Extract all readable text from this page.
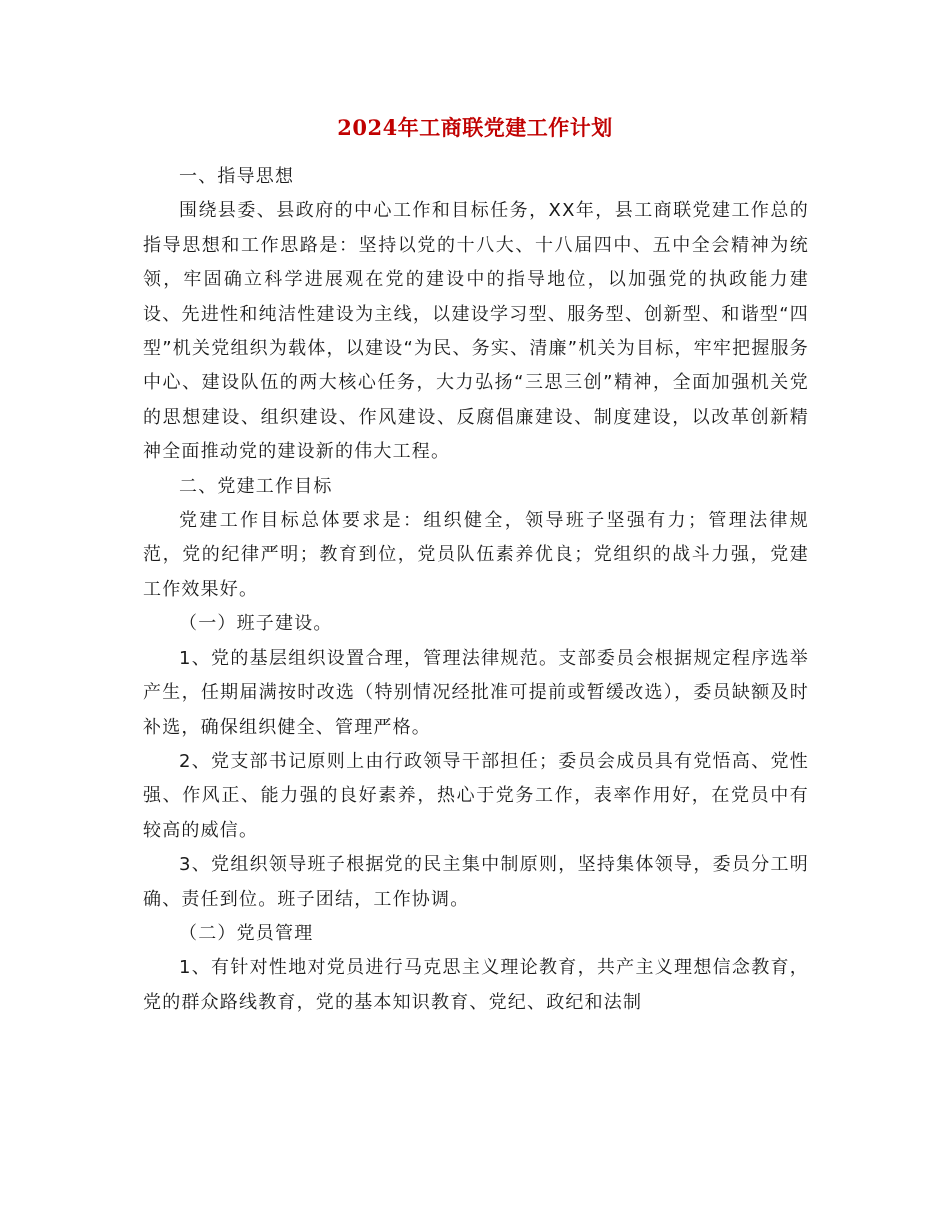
2024年工商联党建工作计划

一、指导思想

围绕县委、县政府的中心工作和目标任务，XX年，县工商联党建工作总的指导思想和工作思路是：坚持以党的十八大、十八届四中、五中全会精神为统领，牢固确立科学进展观在党的建设中的指导地位，以加强党的执政能力建设、先进性和纯洁性建设为主线，以建设学习型、服务型、创新型、和谐型“四型”机关党组织为载体，以建设“为民、务实、清廉”机关为目标，牢牢把握服务中心、建设队伍的两大核心任务，大力弘扬“三思三创”精神，全面加强机关党的思想建设、组织建设、作风建设、反腐倡廉建设、制度建设，以改革创新精神全面推动党的建设新的伟大工程。

二、党建工作目标

党建工作目标总体要求是：组织健全，领导班子坚强有力；管理法律规范，党的纪律严明；教育到位，党员队伍素养优良；党组织的战斗力强，党建工作效果好。

（一）班子建设。

1、党的基层组织设置合理，管理法律规范。支部委员会根据规定程序选举产生，任期届满按时改选（特别情况经批准可提前或暂缓改选），委员缺额及时补选，确保组织健全、管理严格。

2、党支部书记原则上由行政领导干部担任；委员会成员具有党悟高、党性强、作风正、能力强的良好素养，热心于党务工作，表率作用好，在党员中有较高的威信。

3、党组织领导班子根据党的民主集中制原则，坚持集体领导，委员分工明确、责任到位。班子团结，工作协调。

（二）党员管理

1、有针对性地对党员进行马克思主义理论教育，共产主义理想信念教育，党的群众路线教育，党的基本知识教育、党纪、政纪和法制
